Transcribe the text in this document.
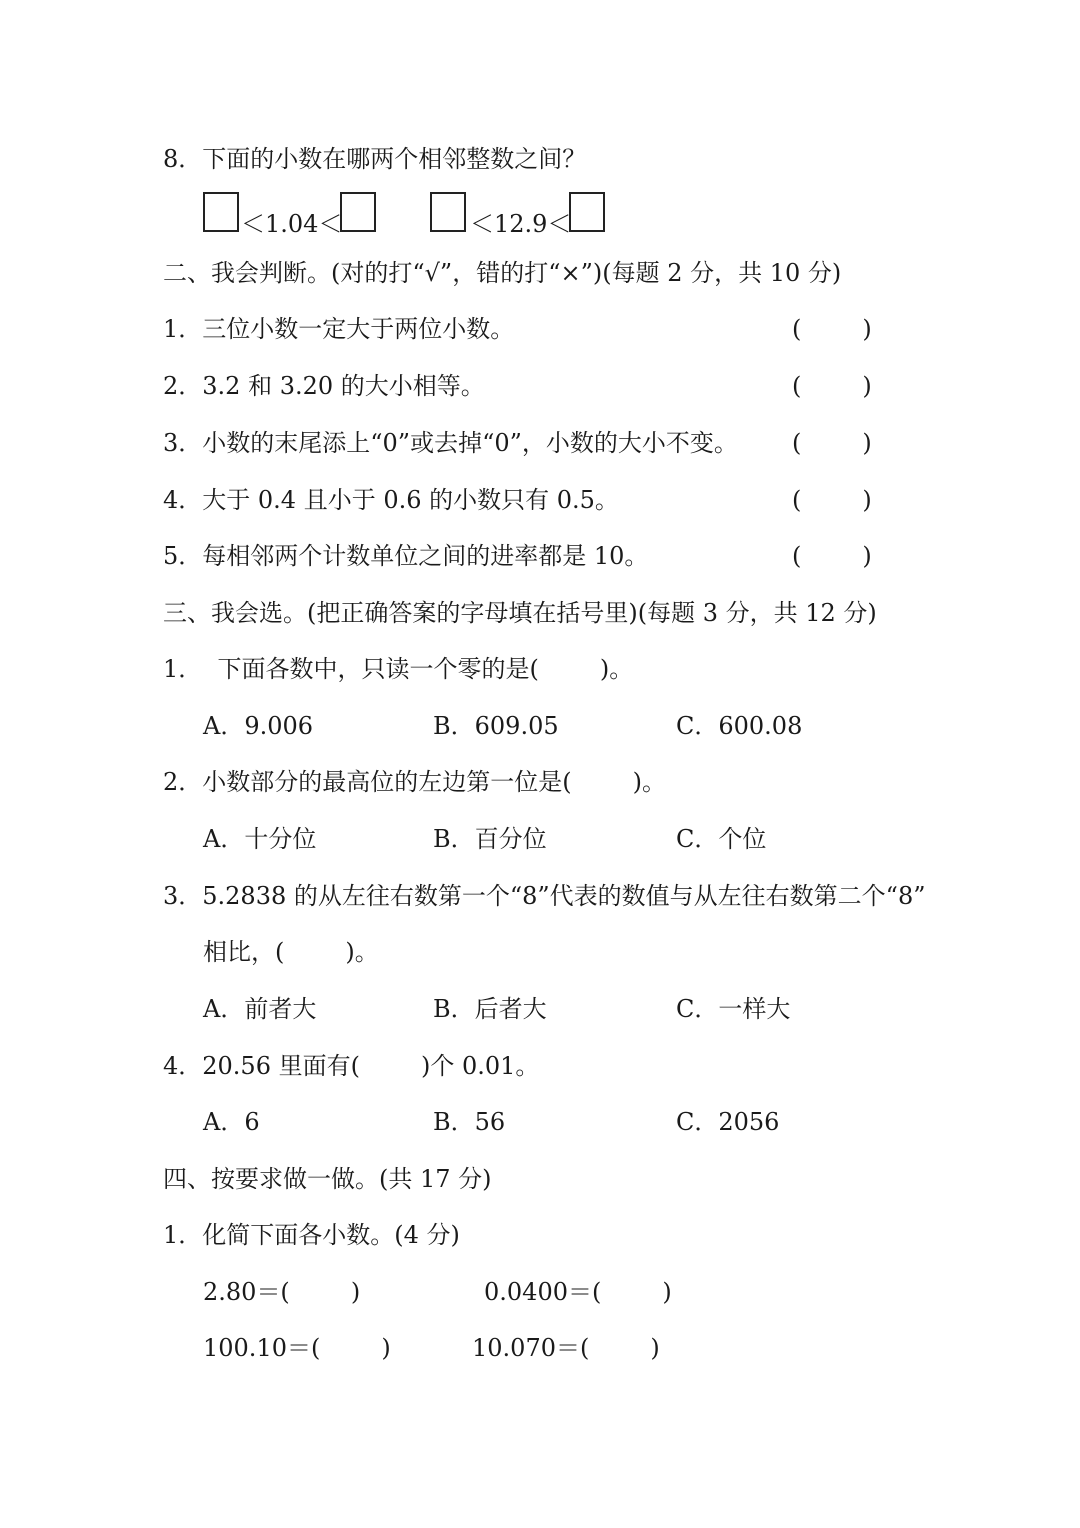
8．下面的小数在哪两个相邻整数之间？
＜1.04＜	＜12.9＜
二、我会判断。(对的打“√”，错的打“×”)(每题 2 分，共 10 分)
1．三位小数一定大于两位小数。	(        )
2．3.2 和 3.20 的大小相等。	(        )
3．小数的末尾添上“0”或去掉“0”，小数的大小不变。 (        )
4．大于 0.4 且小于 0.6 的小数只有 0.5。	(        )
5．每相邻两个计数单位之间的进率都是 10。	(        )
三、我会选。(把正确答案的字母填在括号里)(每题 3 分，共 12 分)
1．  下面各数中，只读一个零的是(        )。
A．9.006	B．609.05	C．600.08
2．小数部分的最高位的左边第一位是(        )。
A．十分位	B．百分位	C．个位
3．5.2838 的从左往右数第一个“8”代表的数值与从左往右数第二个“8”
相比，(        )。
A．前者大	B．后者大	C．一样大
4．20.56 里面有(        )个 0.01。
A．6	B．56	C．2056
四、按要求做一做。(共 17 分)
1．化简下面各小数。(4 分)
2.80＝(        )	0.0400＝(        )
100.10＝(        )	10.070＝(        )
